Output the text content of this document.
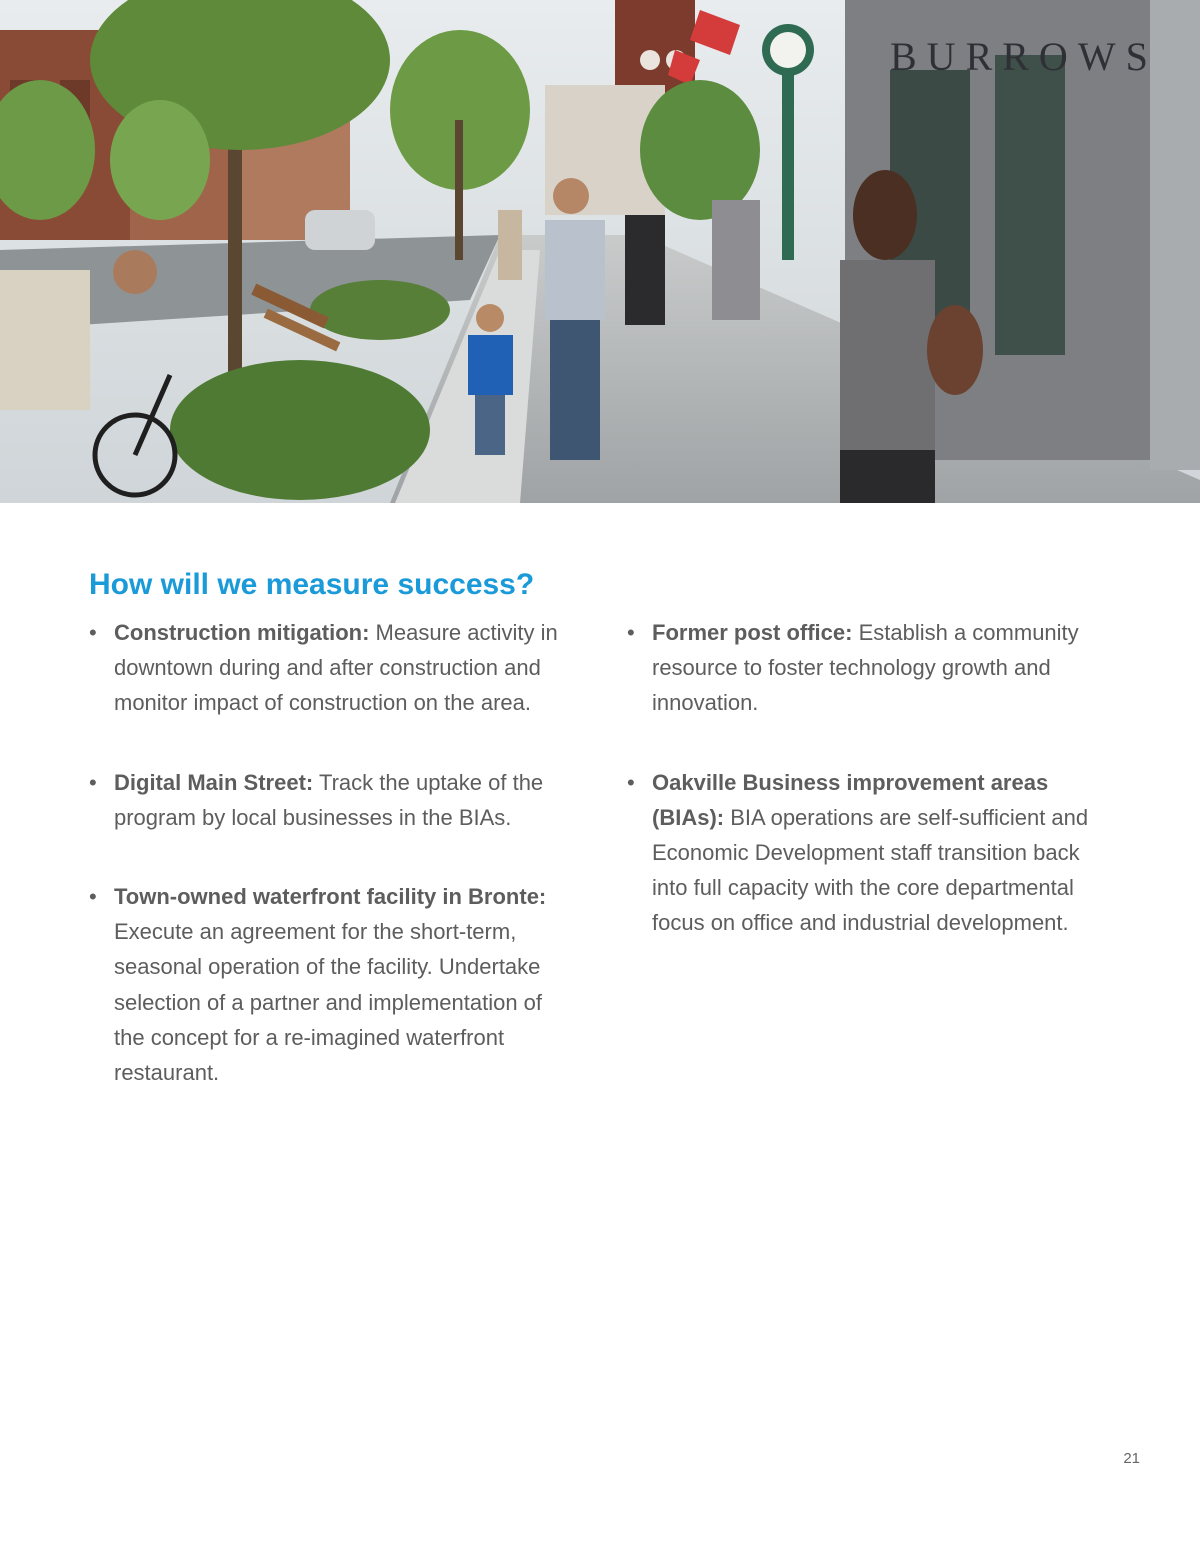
BURROWS
How will we measure success?

• Construction mitigation: Measure activity in downtown during and after construction and monitor impact of construction on the area.

• Digital Main Street: Track the uptake of the program by local businesses in the BIAs.

• Town-owned waterfront facility in Bronte: Execute an agreement for the short-term, seasonal operation of the facility. Undertake selection of a partner and implementation of the concept for a re-imagined waterfront restaurant.

• Former post office: Establish a community resource to foster technology growth and innovation.

• Oakville Business improvement areas (BIAs): BIA operations are self-sufficient and Economic Development staff transition back into full capacity with the core departmental focus on office and industrial development.

21
